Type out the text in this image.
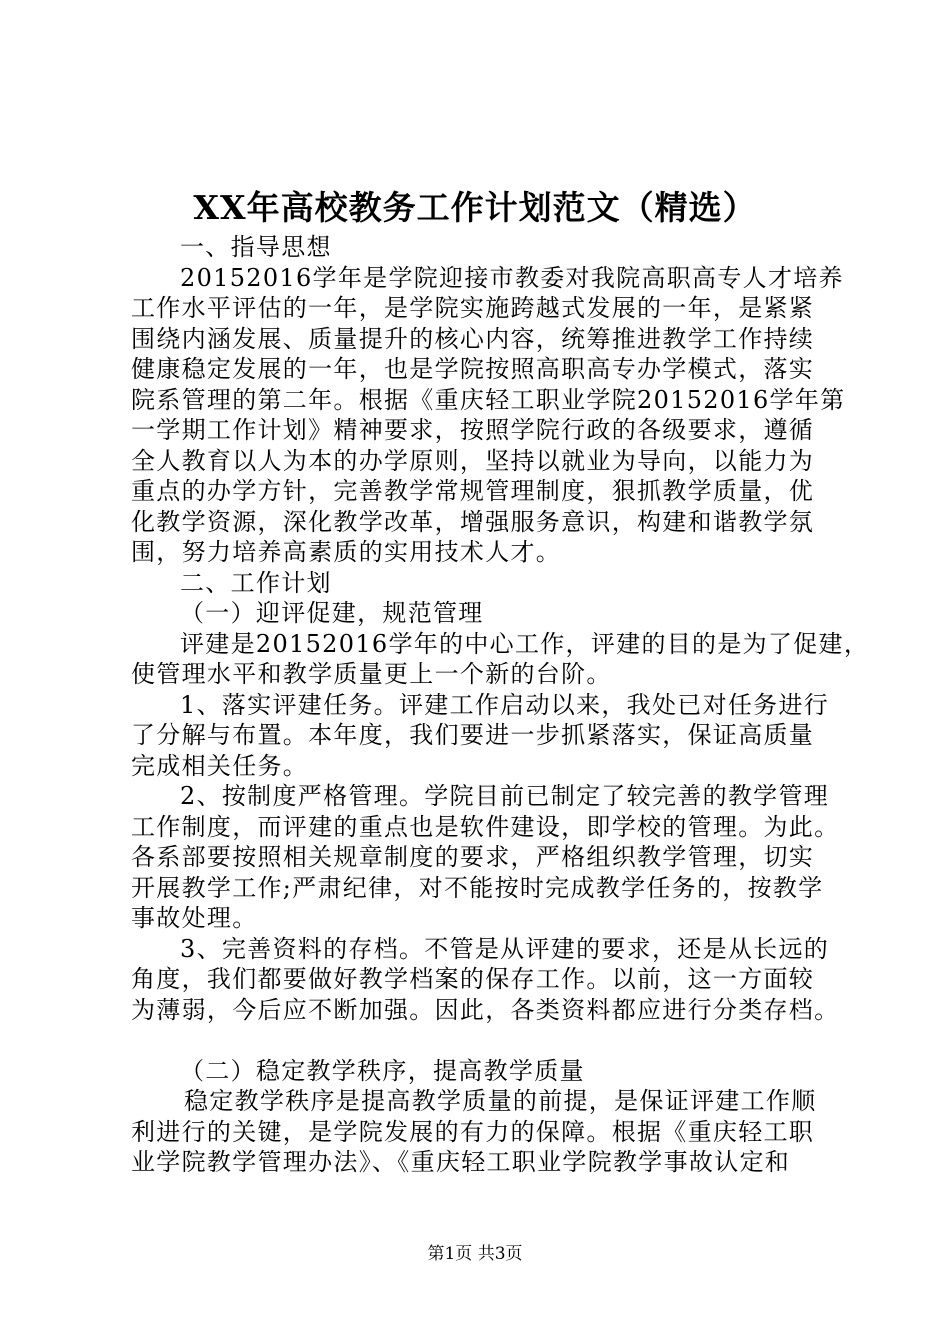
XX年高校教务工作计划范文（精选）
一、指导思想
20152016学年是学院迎接市教委对我院高职高专人才培养
工作水平评估的一年，是学院实施跨越式发展的一年，是紧紧
围绕内涵发展、质量提升的核心内容，统筹推进教学工作持续
健康稳定发展的一年，也是学院按照高职高专办学模式，落实
院系管理的第二年。根据《重庆轻工职业学院20152016学年第
一学期工作计划》精神要求，按照学院行政的各级要求，遵循
全人教育以人为本的办学原则，坚持以就业为导向，以能力为
重点的办学方针，完善教学常规管理制度，狠抓教学质量，优
化教学资源，深化教学改革，增强服务意识，构建和谐教学氛
围，努力培养高素质的实用技术人才。
二、工作计划
（一）迎评促建，规范管理
评建是20152016学年的中心工作，评建的目的是为了促建，
使管理水平和教学质量更上一个新的台阶。
1、落实评建任务。评建工作启动以来，我处已对任务进行
了分解与布置。本年度，我们要进一步抓紧落实，保证高质量
完成相关任务。
2、按制度严格管理。学院目前已制定了较完善的教学管理
工作制度，而评建的重点也是软件建设，即学校的管理。为此。
各系部要按照相关规章制度的要求，严格组织教学管理，切实
开展教学工作;严肃纪律，对不能按时完成教学任务的，按教学
事故处理。
3、完善资料的存档。不管是从评建的要求，还是从长远的
角度，我们都要做好教学档案的保存工作。以前，这一方面较
为薄弱，今后应不断加强。因此，各类资料都应进行分类存档。
（二）稳定教学秩序，提高教学质量
稳定教学秩序是提高教学质量的前提，是保证评建工作顺
利进行的关键，是学院发展的有力的保障。根据《重庆轻工职
业学院教学管理办法》、《重庆轻工职业学院教学事故认定和
第1页 共3页
